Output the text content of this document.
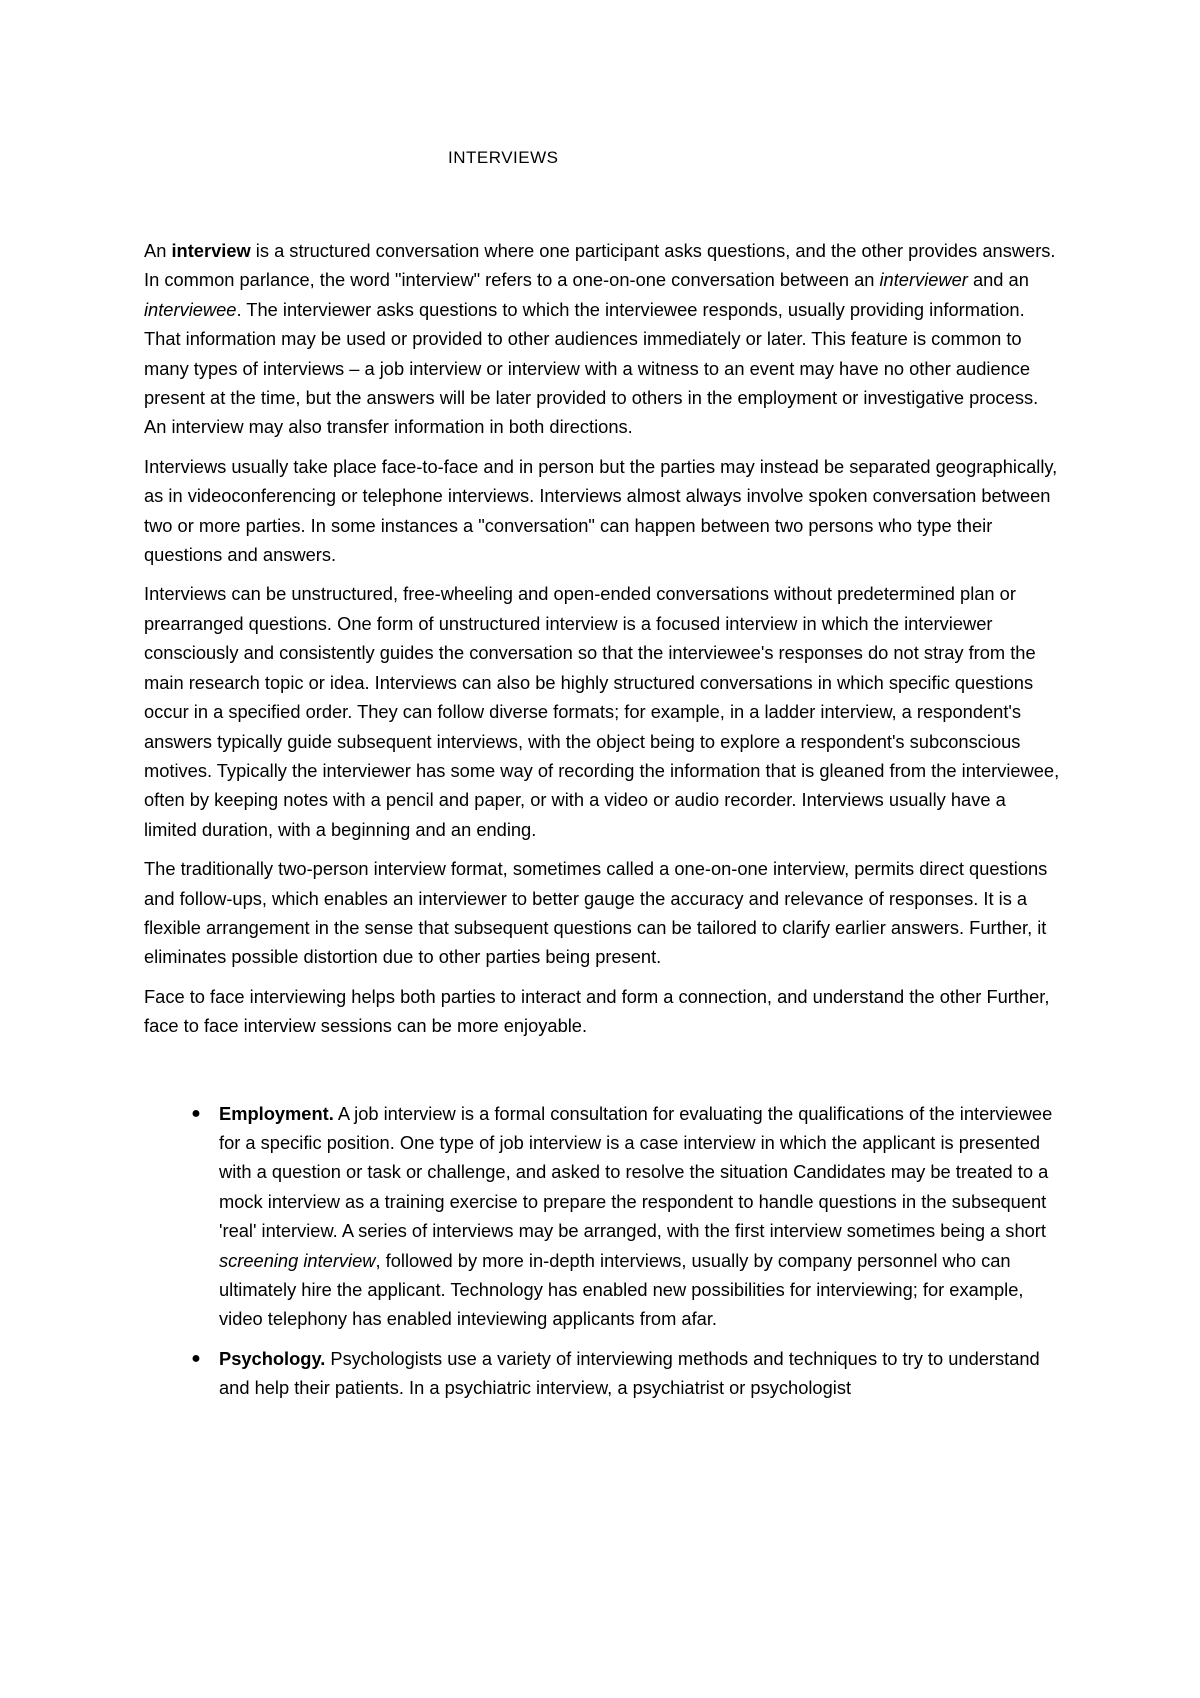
INTERVIEWS

An interview is a structured conversation where one participant asks questions, and the other provides answers. In common parlance, the word "interview" refers to a one-on-one conversation between an interviewer and an interviewee. The interviewer asks questions to which the interviewee responds, usually providing information. That information may be used or provided to other audiences immediately or later. This feature is common to many types of interviews – a job interview or interview with a witness to an event may have no other audience present at the time, but the answers will be later provided to others in the employment or investigative process. An interview may also transfer information in both directions.

Interviews usually take place face-to-face and in person but the parties may instead be separated geographically, as in videoconferencing or telephone interviews. Interviews almost always involve spoken conversation between two or more parties. In some instances a "conversation" can happen between two persons who type their questions and answers.

Interviews can be unstructured, free-wheeling and open-ended conversations without predetermined plan or prearranged questions. One form of unstructured interview is a focused interview in which the interviewer consciously and consistently guides the conversation so that the interviewee's responses do not stray from the main research topic or idea. Interviews can also be highly structured conversations in which specific questions occur in a specified order. They can follow diverse formats; for example, in a ladder interview, a respondent's answers typically guide subsequent interviews, with the object being to explore a respondent's subconscious motives. Typically the interviewer has some way of recording the information that is gleaned from the interviewee, often by keeping notes with a pencil and paper, or with a video or audio recorder. Interviews usually have a limited duration, with a beginning and an ending.

The traditionally two-person interview format, sometimes called a one-on-one interview, permits direct questions and follow-ups, which enables an interviewer to better gauge the accuracy and relevance of responses. It is a flexible arrangement in the sense that subsequent questions can be tailored to clarify earlier answers. Further, it eliminates possible distortion due to other parties being present.

Face to face interviewing helps both parties to interact and form a connection, and understand the other Further, face to face interview sessions can be more enjoyable.

● Employment. A job interview is a formal consultation for evaluating the qualifications of the interviewee for a specific position. One type of job interview is a case interview in which the applicant is presented with a question or task or challenge, and asked to resolve the situation Candidates may be treated to a mock interview as a training exercise to prepare the respondent to handle questions in the subsequent 'real' interview. A series of interviews may be arranged, with the first interview sometimes being a short screening interview, followed by more in-depth interviews, usually by company personnel who can ultimately hire the applicant. Technology has enabled new possibilities for interviewing; for example, video telephony has enabled inteviewing applicants from afar.
● Psychology. Psychologists use a variety of interviewing methods and techniques to try to understand and help their patients. In a psychiatric interview, a psychiatrist or psychologist
